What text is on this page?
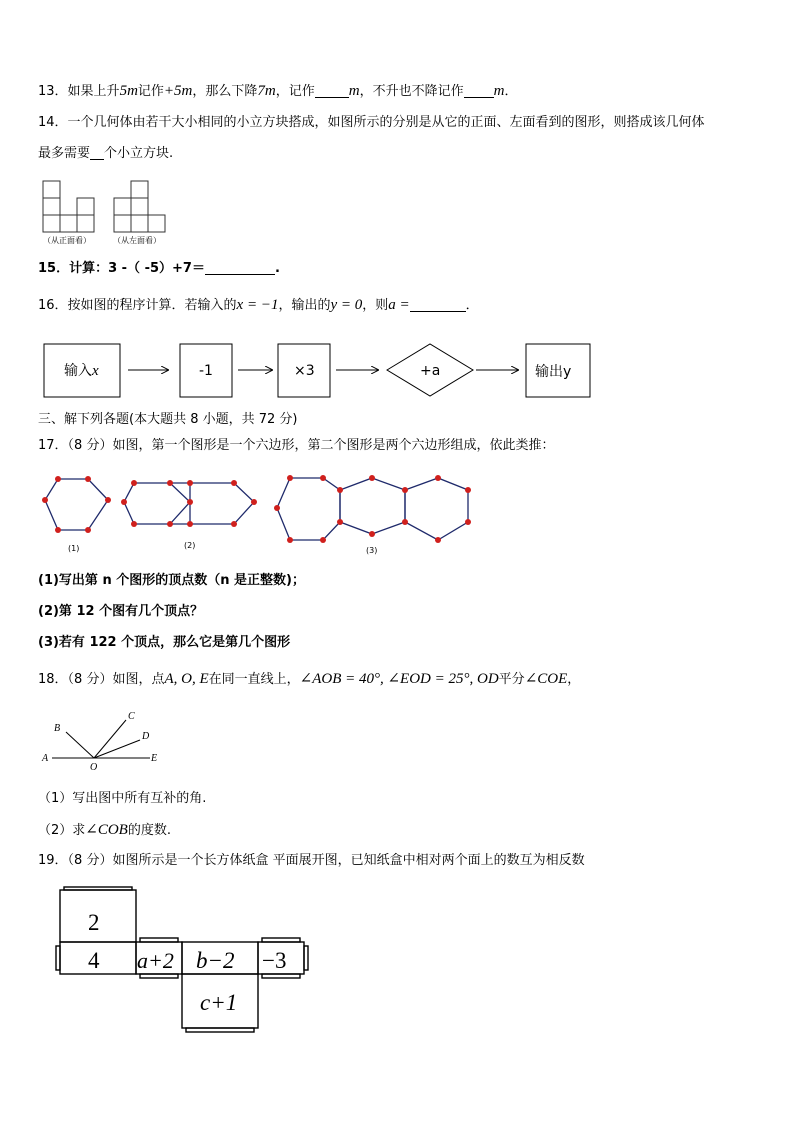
13．如果上升5m记作+5m，那么下降7m，记作 m，不升也不降记作 m．
14．一个几何体由若干大小相同的小立方块搭成，如图所示的分别是从它的正面、左面看到的图形，则搭成该几何体
最多需要 个小立方块.
（从正面看）	（从左面看）
15．计算：3 -（ -5）+7＝	.
16．按如图的程序计算．若输入的x = −1，输出的y = 0，则a =	．
输入x	-1	×3	+a	输出y
三、解下列各题(本大题共 8 小题，共 72 分)
17．（8 分）如图，第一个图形是一个六边形，第二个图形是两个六边形组成，依此类推：
(1)	(2)
(3)
(1)写出第 n 个图形的顶点数（n 是正整数)；
(2)第 12 个图有几个顶点？
(3)若有 122 个顶点，那么它是第几个图形
18．（8 分）如图，点A, O, E在同一直线上，∠AOB = 40°, ∠EOD = 25°, OD平分∠COE，
A
B
C
D
E
O
（1）写出图中所有互补的角.
（2）求∠COB的度数.
19．（8 分）如图所示是一个长方体纸盒 平面展开图，已知纸盒中相对两个面上的数互为相反数
2
4 a+2 b−2 −3
c+1
